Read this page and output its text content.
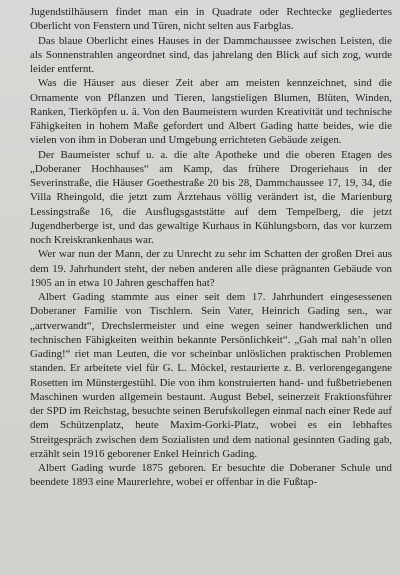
Jugendstilhäusern findet man ein in Quadrate oder Rechtecke gegliedertes Oberlicht von Fenstern und Türen, nicht selten aus Farbglas.

Das blaue Oberlicht eines Hauses in der Dammchaussee zwischen Leisten, die als Sonnenstrahlen angeordnet sind, das jahrelang den Blick auf sich zog, wurde leider entfernt.

Was die Häuser aus dieser Zeit aber am meisten kennzeichnet, sind die Ornamente von Pflanzen und Tieren, langstieligen Blumen, Blüten, Winden, Ranken, Tierköpfen u. ä. Von den Baumeistern wurden Kreativität und technische Fähigkeiten in hohem Maße gefordert und Albert Gading hatte beides, wie die vielen von ihm in Doberan und Umgebung errichteten Gebäude zeigen.

Der Baumeister schuf u. a. die alte Apotheke und die oberen Etagen des „Doberaner Hochhauses“ am Kamp, das frühere Drogeriehaus in der Severinstraße, die Häuser Goethestraße 20 bis 28, Dammchaussee 17, 19, 34, die Villa Rheingold, die jetzt zum Ärztehaus völlig verändert ist, die Marienburg Lessingstraße 16, die Ausflugsgaststätte auf dem Tempelberg, die jetzt Jugendherberge ist, und das gewaltige Kurhaus in Kühlungsborn, das vor kurzem noch Kreiskrankenhaus war.

Wer war nun der Mann, der zu Unrecht zu sehr im Schatten der großen Drei aus dem 19. Jahrhundert steht, der neben anderen alle diese prägnanten Gebäude von 1905 an in etwa 10 Jahren geschaffen hat?

Albert Gading stammte aus einer seit dem 17. Jahrhundert eingesessenen Doberaner Familie von Tischlern. Sein Vater, Heinrich Gading sen., war „artverwandt“, Drechslermeister und eine wegen seiner handwerklichen und technischen Fähigkeiten weithin bekannte Persönlichkeit“. „Gah mal nah’n ollen Gading!“ riet man Leuten, die vor scheinbar unlöslichen praktischen Problemen standen. Er arbeitete viel für G. L. Möckel, restaurierte z. B. verlorengegangene Rosetten im Münstergestühl. Die von ihm konstruierten hand- und fußbetriebenen Maschinen wurden allgemein bestaunt. August Bebel, seinerzeit Fraktionsführer der SPD im Reichstag, besuchte seinen Berufskollegen einmal nach einer Rede auf dem Schützenplatz, heute Maxim-Gorki-Platz, wobei es ein lebhaftes Streitgespräch zwischen dem Sozialisten und dem national gesinnten Gading gab, erzählt sein 1916 geborener Enkel Heinrich Gading.

Albert Gading wurde 1875 geboren. Er besuchte die Doberaner Schule und beendete 1893 eine Maurerlehre, wobei er offenbar in die Fußtap-
